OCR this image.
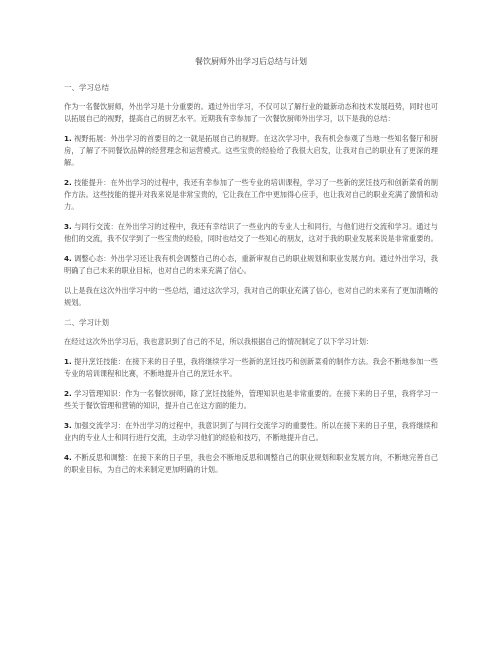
餐饮厨师外出学习后总结与计划
一、学习总结
作为一名餐饮厨师，外出学习是十分重要的。通过外出学习，不仅可以了解行业的最新动态和技术发展趋势，同时也可以拓展自己的视野，提高自己的厨艺水平。近期我有幸参加了一次餐饮厨师外出学习，以下是我的总结：
1. 视野拓展：外出学习的首要目的之一就是拓展自己的视野。在这次学习中，我有机会参观了当地一些知名餐厅和厨房，了解了不同餐饮品牌的经营理念和运营模式。这些宝贵的经验给了我很大启发，让我对自己的职业有了更深的理解。
2. 技能提升：在外出学习的过程中，我还有幸参加了一些专业的培训课程，学习了一些新的烹饪技巧和创新菜肴的制作方法。这些技能的提升对我来说是非常宝贵的，它让我在工作中更加得心应手，也让我对自己的职业充满了激情和动力。
3. 与同行交流：在外出学习的过程中，我还有幸结识了一些业内的专业人士和同行，与他们进行交流和学习。通过与他们的交流，我不仅学到了一些宝贵的经验，同时也结交了一些知心的朋友，这对于我的职业发展来说是非常重要的。
4. 调整心态：外出学习还让我有机会调整自己的心态，重新审视自己的职业规划和职业发展方向。通过外出学习，我明确了自己未来的职业目标，也对自己的未来充满了信心。
以上是我在这次外出学习中的一些总结，通过这次学习，我对自己的职业充满了信心，也对自己的未来有了更加清晰的规划。
二、学习计划
在经过这次外出学习后，我也意识到了自己的不足，所以我根据自己的情况制定了以下学习计划：
1. 提升烹饪技能：在接下来的日子里，我将继续学习一些新的烹饪技巧和创新菜肴的制作方法。我会不断地参加一些专业的培训课程和比赛，不断地提升自己的烹饪水平。
2. 学习管理知识：作为一名餐饮厨师，除了烹饪技能外，管理知识也是非常重要的。在接下来的日子里，我将学习一些关于餐饮管理和营销的知识，提升自己在这方面的能力。
3. 加强交流学习：在外出学习的过程中，我意识到了与同行交流学习的重要性。所以在接下来的日子里，我将继续和业内的专业人士和同行进行交流，主动学习他们的经验和技巧，不断地提升自己。
4. 不断反思和调整：在接下来的日子里，我也会不断地反思和调整自己的职业规划和职业发展方向，不断地完善自己的职业目标，为自己的未来制定更加明确的计划。
